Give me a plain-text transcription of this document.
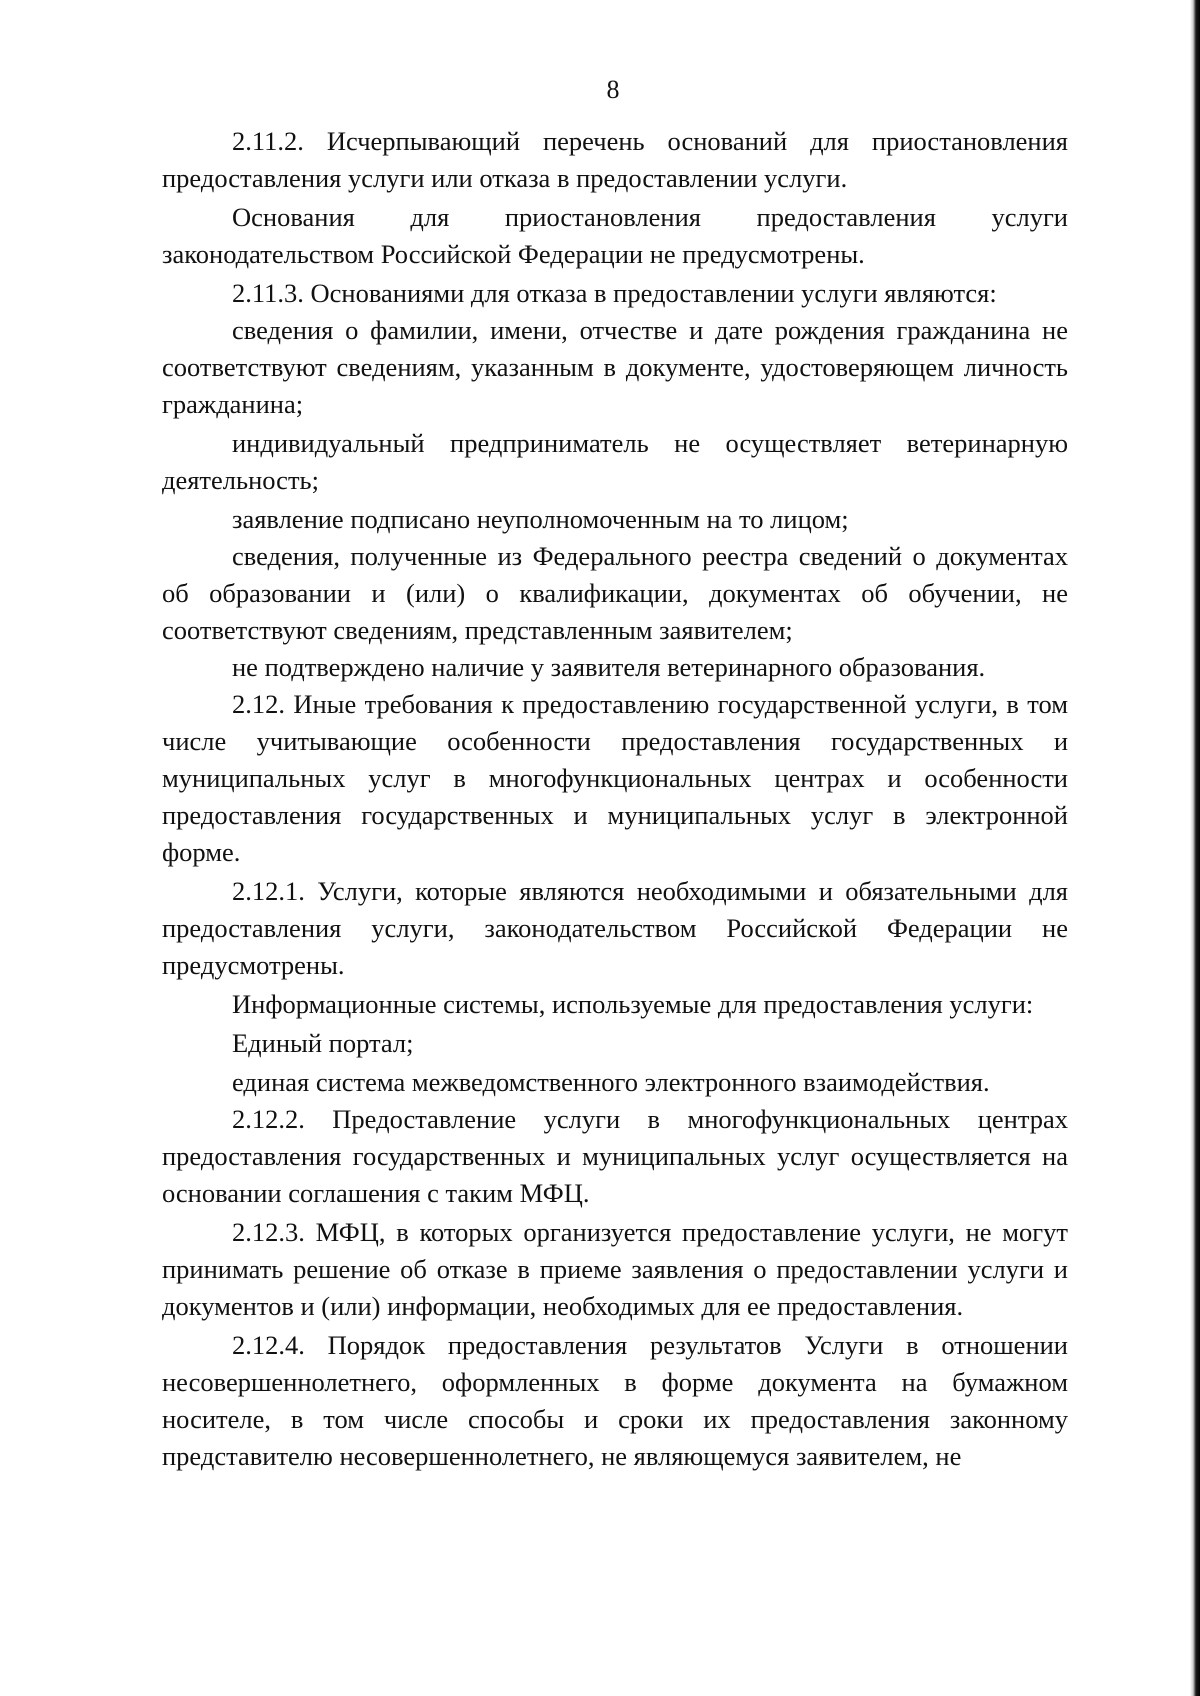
8

2.11.2. Исчерпывающий перечень оснований для приостановления предоставления услуги или отказа в предоставлении услуги.

Основания для приостановления предоставления услуги законодательством Российской Федерации не предусмотрены.

2.11.3. Основаниями для отказа в предоставлении услуги являются:

сведения о фамилии, имени, отчестве и дате рождения гражданина не соответствуют сведениям, указанным в документе, удостоверяющем личность гражданина;

индивидуальный предприниматель не осуществляет ветеринарную деятельность;

заявление подписано неуполномоченным на то лицом;

сведения, полученные из Федерального реестра сведений о документах об образовании и (или) о квалификации, документах об обучении, не соответствуют сведениям, представленным заявителем;

не подтверждено наличие у заявителя ветеринарного образования.

2.12. Иные требования к предоставлению государственной услуги, в том числе учитывающие особенности предоставления государственных и муниципальных услуг в многофункциональных центрах и особенности предоставления государственных и муниципальных услуг в электронной форме.

2.12.1. Услуги, которые являются необходимыми и обязательными для предоставления услуги, законодательством Российской Федерации не предусмотрены.

Информационные системы, используемые для предоставления услуги:

Единый портал;

единая система межведомственного электронного взаимодействия.

2.12.2. Предоставление услуги в многофункциональных центрах предоставления государственных и муниципальных услуг осуществляется на основании соглашения с таким МФЦ.

2.12.3. МФЦ, в которых организуется предоставление услуги, не могут принимать решение об отказе в приеме заявления о предоставлении услуги и документов и (или) информации, необходимых для ее предоставления.

2.12.4. Порядок предоставления результатов Услуги в отношении несовершеннолетнего, оформленных в форме документа на бумажном носителе, в том числе способы и сроки их предоставления законному представителю несовершеннолетнего, не являющемуся заявителем, не
